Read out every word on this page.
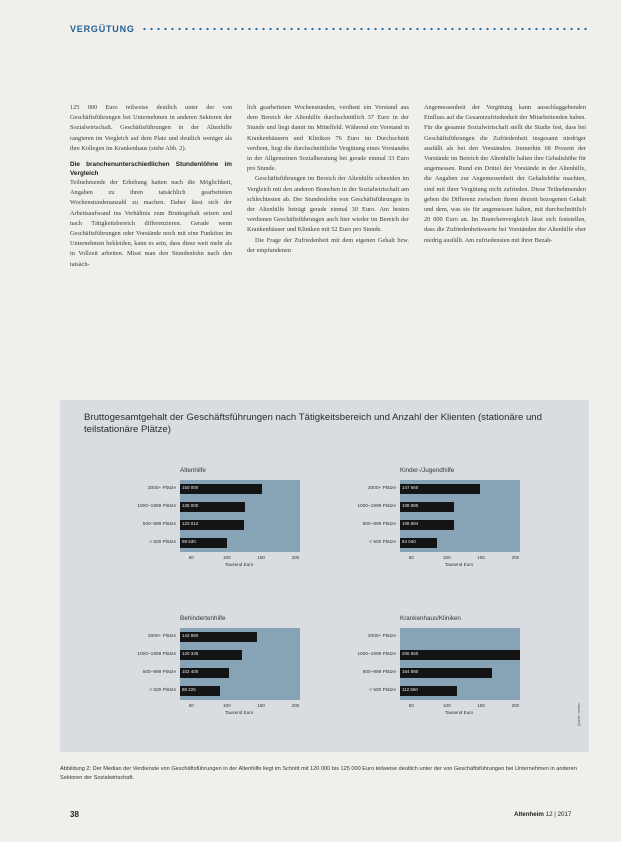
VERGÜTUNG

125 000 Euro teilweise deutlich unter der von Geschäftsführungen bei Unternehmen in anderen Sektoren der Sozialwirtschaft. Geschäftsführungen in der Altenhilfe rangieren im Vergleich auf dem Platz und deutlich weniger als ihre Kollegen im Krankenhaus (siehe Abb. 2).

Die branchenunterschiedlichen Stundenlöhne im Vergleich

Teilnehmende der Erhebung hatten nach die Möglichkeit, Angaben zu ihren tatsächlich gearbeiteten Wochenstundenanzahl zu machen. Daher lässt sich der Arbeitsaufwand ins Verhältnis zum Bruttogehalt setzen und nach Tätigkeitsbereich differenzieren. Gerade wenn Geschäftsführungen oder Vorstände noch mit eine Funktion im Unternehmen bekleiden, kann es sein, dass diese weit mehr als in Vollzeit arbeiten. Misst man den Stundenlohn nach den tatsäch-

lich gearbeiteten Wochenstunden, verdient ein Vorstand aus dem Bereich der Altenhilfe durchschnittlich 37 Euro in der Stunde und liegt damit im Mittelfeld. Während ein Vorstand in Krankenhäusern und Kliniken 76 Euro im Durchschnitt verdient, liegt die durchschnittliche Vergütung eines Vorstandes in der Allgemeinen Sozialberatung bei gerade einmal 33 Euro pro Stunde.

Geschäftsführungen im Bereich der Altenhilfe schneiden im Vergleich mit den anderen Branchen in der Sozialwirtschaft am schlechtesten ab. Der Stundenlohn von Geschäftsführungen in der Altenhilfe beträgt gerade einmal 30 Euro. Am besten verdienen Geschäftsführungen auch hier wieder im Bereich der Krankenhäuser und Kliniken mit 52 Euro pro Stunde.

Die Frage der Zufriedenheit mit dem eigenen Gehalt bzw. der empfundenen

Angemessenheit der Vergütung kann ausschlaggebenden Einfluss auf die Gesamtzufriedenheit der Mitarbeitenden haben. Für die gesamte Sozialwirtschaft stellt die Studie fest, dass bei Geschäftsführungen die Zufriedenheit insgesamt niedriger ausfällt als bei den Vorständen. Immerhin 68 Prozent der Vorstände im Bereich der Altenhilfe halten ihre Gehaltshöhe für angemessen. Rund ein Drittel der Vorstände in der Altenhilfe, die Angaben zur Angemessenheit der Gehaltshöhe machten, sind mit ihrer Vergütung nicht zufrieden. Diese Teilnehmenden geben die Differenz zwischen ihrem derzeit bezogenen Gehalt und dem, was sie für angemessen halten, mit durchschnittlich 20 000 Euro an. Im Branchenvergleich lässt sich feststellen, dass die Zufriedenheitswerte bei Vorständen der Altenhilfe eher niedrig ausfällt. Am zufriedensten mit ihrer Bezah-

Bruttogesamtgehalt der Geschäftsführungen nach Tätigkeitsbereich und Anzahl der Klienten (stationäre und teilstationäre Plätze)
Altenhilfe
2000+ Plätze 150 000
1000–1999 Plätze 125 000
500–999 Plätze 123 012
< 500 Plätze 98 530
50	100	150	200
Tausend Euro
Kinder-/Jugendhilfe
2000+ Plätze 147 660
1000–1999 Plätze 108 880
500–999 Plätze 108 884
< 500 Plätze 84 040
50	100	150	200
Tausend Euro
Behindertenhilfe
2000+ Plätze 142 860
1000–1999 Plätze 120 335
500–999 Plätze 102 400
< 500 Plätze 88 225
50	100	150	200
Tausend Euro
Krankenhaus/Kliniken
2000+ Plätze
1000–1999 Plätze 205 560
500–999 Plätze 164 880
< 500 Plätze 112 560
50	100	150	200
Tausend Euro	Quelle: contec
Abbildung 2: Der Median der Verdienste von Geschäftsführungen in der Altenhilfe liegt im Schnitt mit 120 000 bis 125 000 Euro teilweise deutlich unter der von Geschäftsführungen bei Unternehmen in anderen Sektoren der Sozialwirtschaft.
38	Altenheim 12 | 2017
